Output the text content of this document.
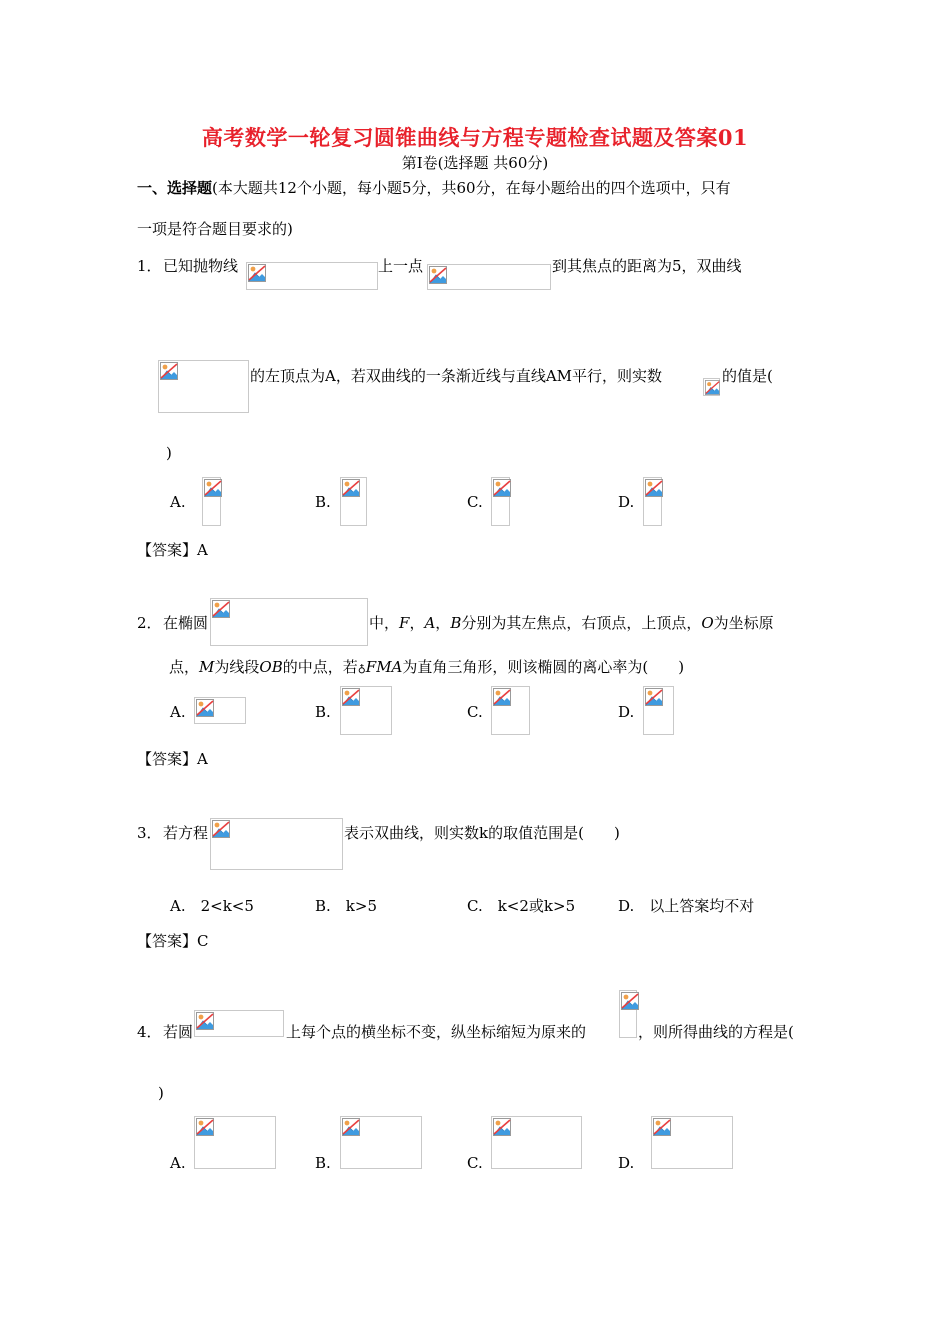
高考数学一轮复习圆锥曲线与方程专题检查试题及答案01
第Ⅰ卷(选择题 共60分)
一、选择题(本大题共12个小题，每小题5分，共60分，在每小题给出的四个选项中，只有
一项是符合题目要求的)
1． 已知抛物线	上一点	到其焦点的距离为5，双曲线
的左顶点为A，若双曲线的一条渐近线与直线AM平行，则实数	的值是(
)
A.	B.	C.	D.
【答案】A
2． 在椭圆	中，F，A，B分别为其左焦点，右顶点，上顶点，O为坐标原
点，M为线段OB的中点，若♁FMA为直角三角形，则该椭圆的离心率为(　　)
A.	B.	C.	D.
【答案】A
3． 若方程	表示双曲线，则实数k的取值范围是(　　)
A.　2<k<5	B.　k>5	C.　k<2或k>5	D.　以上答案均不对
【答案】C
4． 若圆	上每个点的横坐标不变，纵坐标缩短为原来的	，则所得曲线的方程是(
)
A.	B.	C.	D.
